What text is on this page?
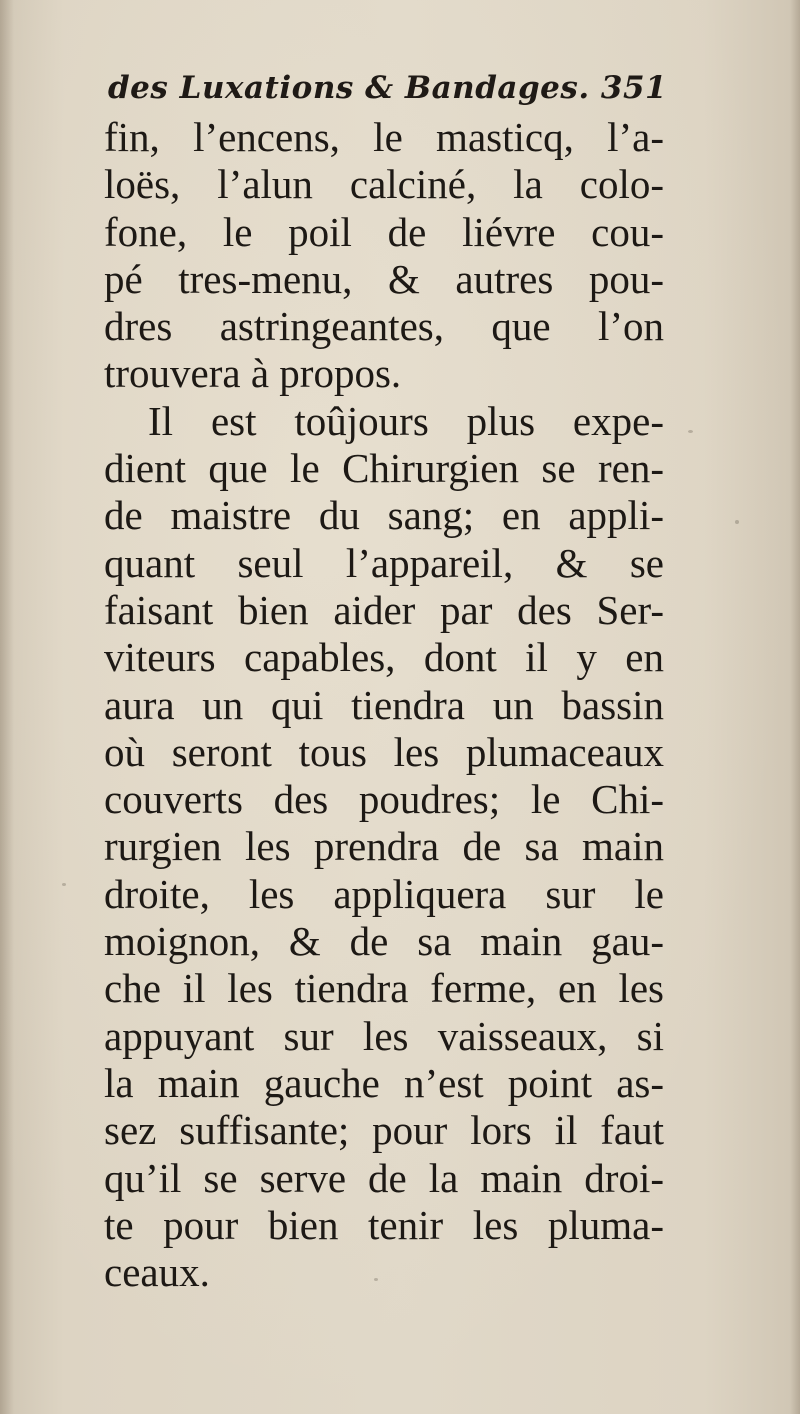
des Luxations & Bandages. 351
fin, l’encens, le masticq, l’a-
loës, l’alun calciné, la colo-
fone, le poil de liévre cou-
pé tres-menu, & autres pou-
dres astringeantes, que l’on
trouvera à propos.
Il est toûjours plus expe-
dient que le Chirurgien se ren-
de maistre du sang; en appli-
quant seul l’appareil, & se
faisant bien aider par des Ser-
viteurs capables, dont il y en
aura un qui tiendra un bassin
où seront tous les plumaceaux
couverts des poudres; le Chi-
rurgien les prendra de sa main
droite, les appliquera sur le
moignon, & de sa main gau-
che il les tiendra ferme, en les
appuyant sur les vaisseaux, si
la main gauche n’est point as-
sez suffisante; pour lors il faut
qu’il se serve de la main droi-
te pour bien tenir les pluma-
ceaux.
